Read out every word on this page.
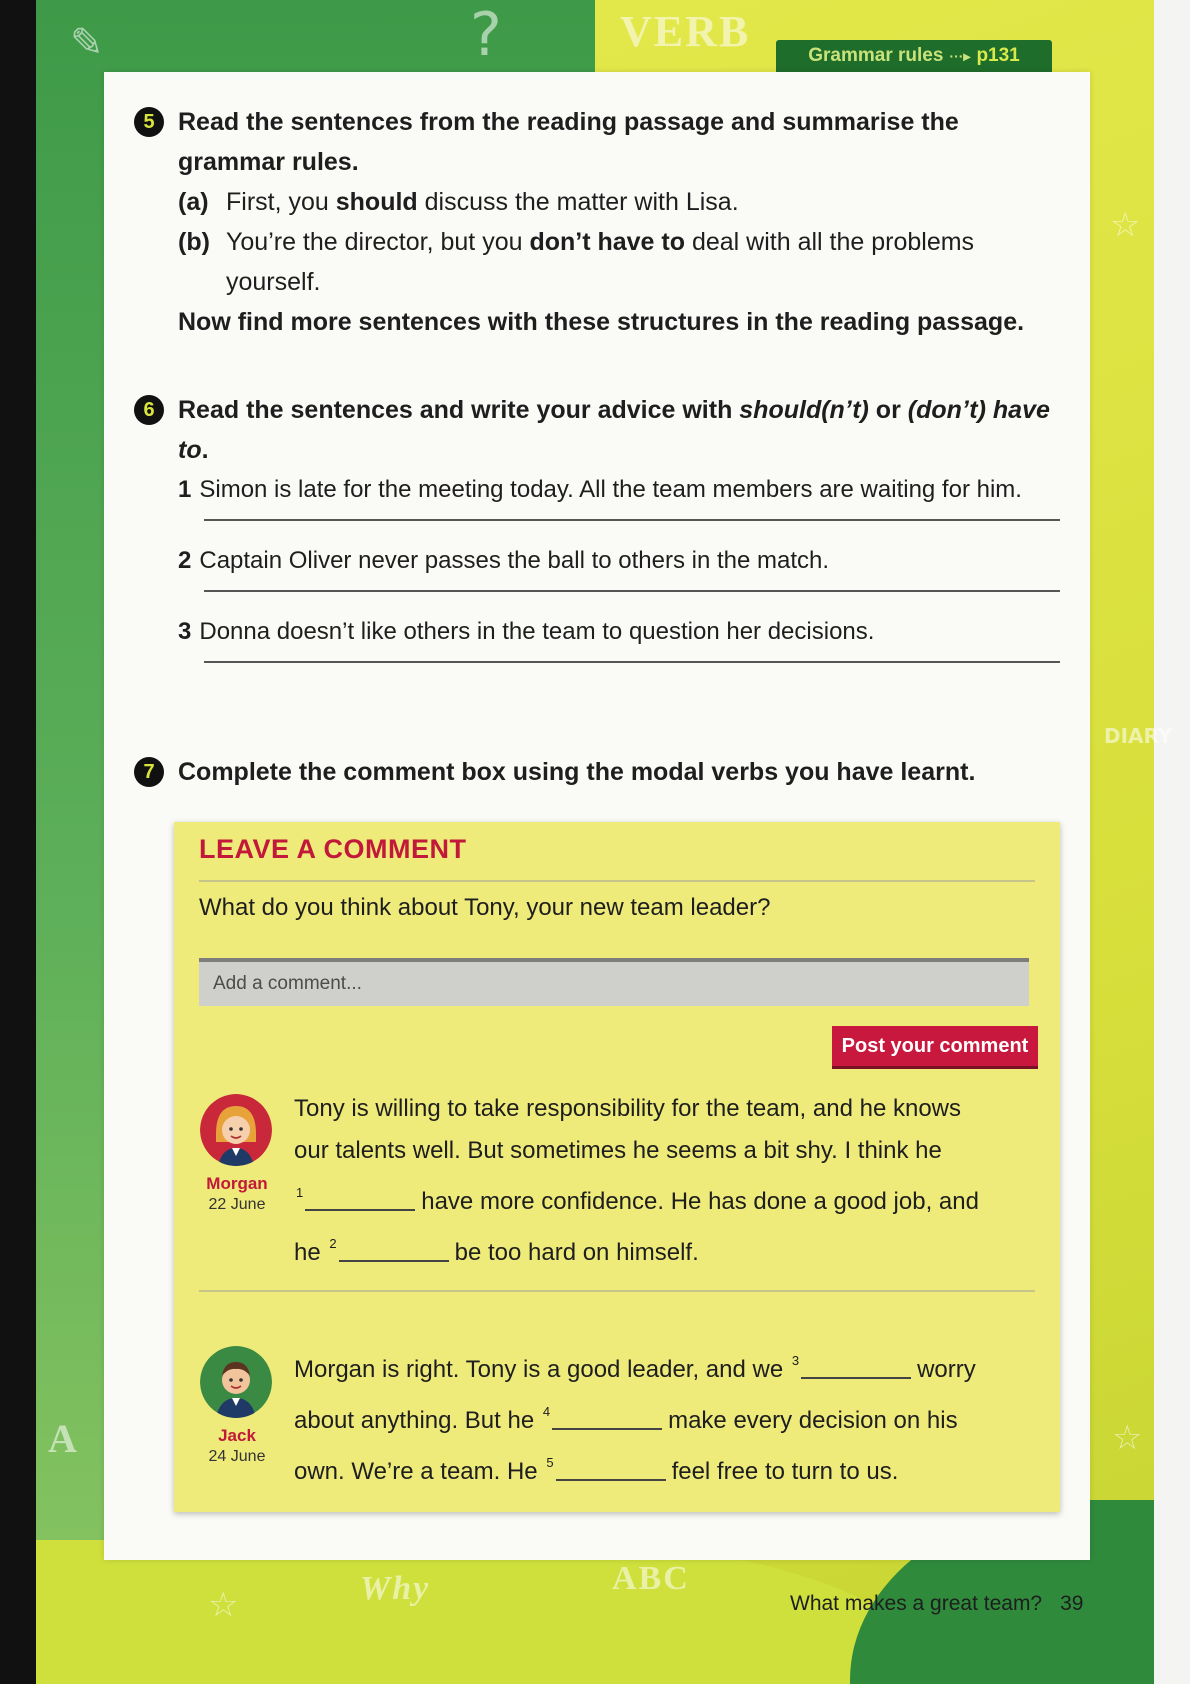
VERB
DIARY
Why	ABC
A
☆
☆
☆
✎	?	Grammar rules ···▸ p131
5 Read the sentences from the reading passage and summarise the grammar rules.
(a) First, you should discuss the matter with Lisa.
(b) You’re the director, but you don’t have to deal with all the problems yourself.
Now find more sentences with these structures in the reading passage.
6 Read the sentences and write your advice with should(n’t) or (don’t) have to.
1 Simon is late for the meeting today. All the team members are waiting for him.
2 Captain Oliver never passes the ball to others in the match.
3 Donna doesn’t like others in the team to question her decisions.
7 Complete the comment box using the modal verbs you have learnt.
LEAVE A COMMENT
What do you think about Tony, your new team leader?
Add a comment...
Post your comment
Morgan
22 June
Tony is willing to take responsibility for the team, and he knows
our talents well. But sometimes he seems a bit shy. I think he
$^1$	have more confidence. He has done a good job, and
he $^2$	be too hard on himself.
Jack
24 June
Morgan is right. Tony is a good leader, and we $^3$	worry
about anything. But he $^4$	make every decision on his
own. We’re a team. He $^5$	feel free to turn to us.
What makes a great team? 39
